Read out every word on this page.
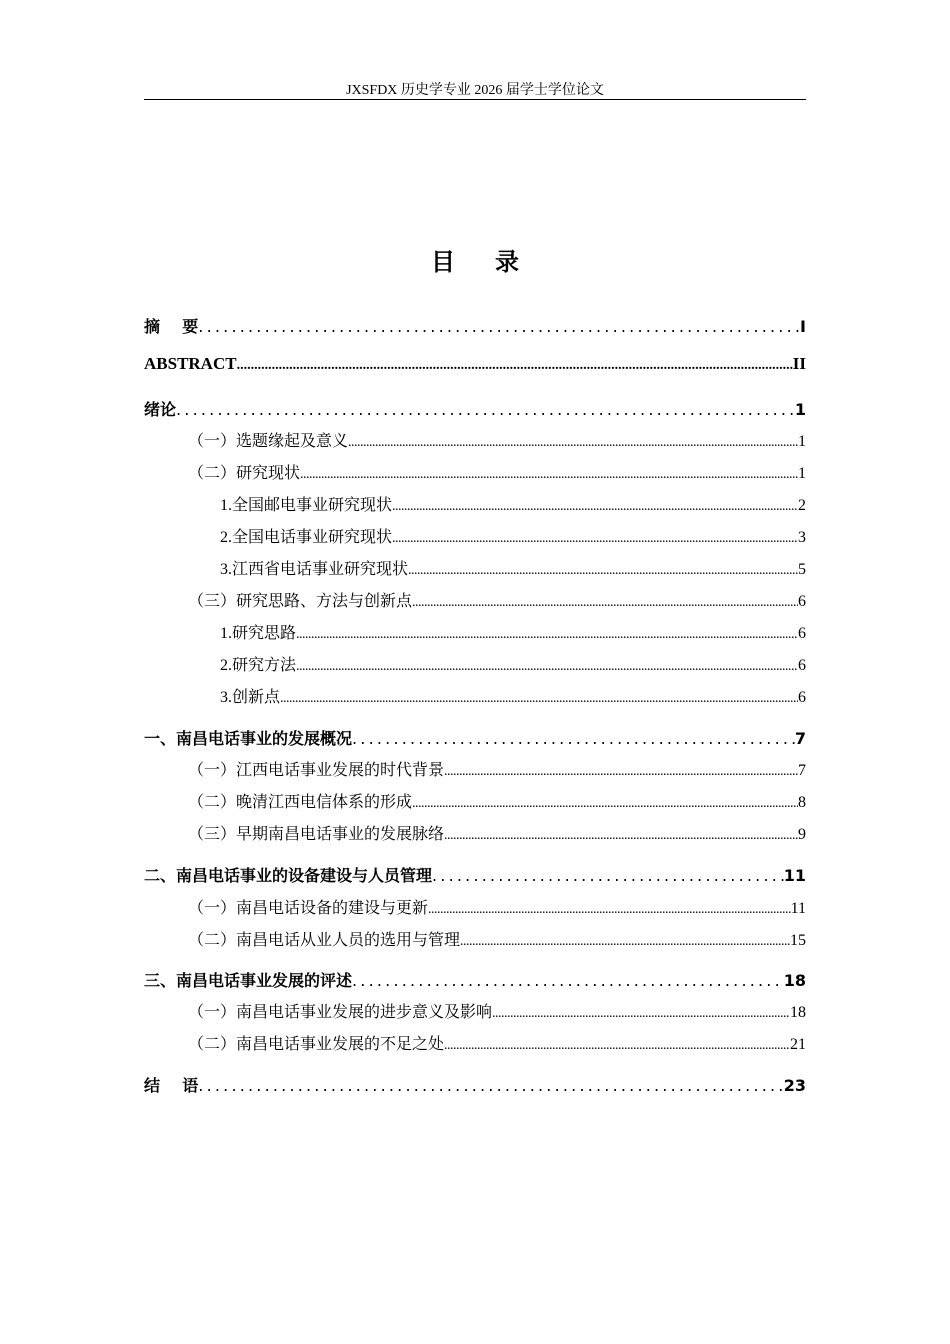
JXSFDX 历史学专业 2026 届学士学位论文
目 录
摘    要 .....	I
ABSTRACT .....	II
绪论 .....	1
（一）选题缘起及意义 .....	1
（二）研究现状 .....	1
1.全国邮电事业研究现状 .....	2
2.全国电话事业研究现状 .....	3
3.江西省电话事业研究现状 .....	5
（三）研究思路、方法与创新点 .....	6
1.研究思路 .....	6
2.研究方法 .....	6
3.创新点 .....	6
一、南昌电话事业的发展概况 .....	7
（一）江西电话事业发展的时代背景 .....	7
（二）晚清江西电信体系的形成 .....	8
（三）早期南昌电话事业的发展脉络 .....	9
二、南昌电话事业的设备建设与人员管理 .....	11
（一）南昌电话设备的建设与更新 .....	11
（二）南昌电话从业人员的选用与管理 .....	15
三、南昌电话事业发展的评述 .....	18
（一）南昌电话事业发展的进步意义及影响 .....	18
（二）南昌电话事业发展的不足之处 .....	21
结    语 .....	23
